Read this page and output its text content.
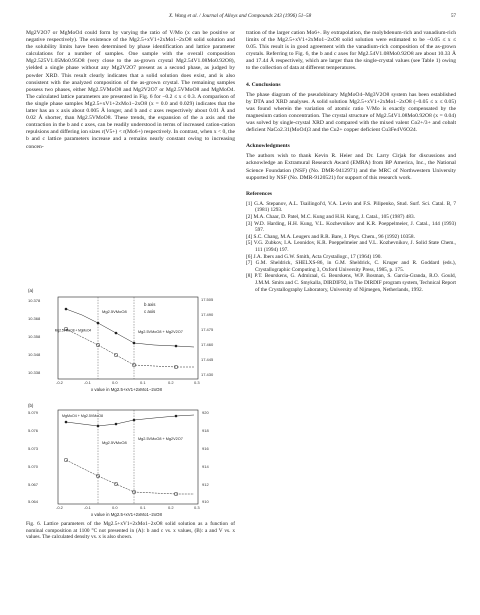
X. Wang et al. / Journal of Alloys and Compounds 243 (1996) 51–58	57

Mg2V2O7 or MgMoO4 could form by varying the ratio of V/Mo (x can be positive or negative respectively). The existence of the Mg2.5+xV1+2xMo1−2xO8 solid solution and the solubility limits have been determined by phase identification and lattice parameter calculations for a number of samples. One sample with the overall composition Mg2.525V1.05Mo0.95O8 (very close to the as-grown crystal Mg2.54V1.08Mo0.92O8), yielded a single phase without any Mg2V2O7 present as a second phase, as judged by powder XRD. This result clearly indicates that a solid solution does exist, and is also consistent with the analyzed composition of the as-grown crystal. The remaining samples possess two phases, either Mg2.5VMoO8 and Mg2V2O7 or Mg2.5VMoO8 and MgMoO4. The calculated lattice parameters are presented in Fig. 6 for −0.2 ≤ x ≤ 0.3. A comparison of the single phase samples Mg2.5+xV1+2xMo1−2xO8 (x = 0.0 and 0.029) indicates that the latter has an x axis about 0.005 Å longer, and b and c axes respectively about 0.01 Å and 0.02 Å shorter, than Mg2.5VMoO8. These trends, the expansion of the a axis and the contraction in the b and c axes, can be readily understood in terms of increased cation-cation repulsions and differing ion sizes r(V5+) < r(Mo6+) respectively. In contrast, when x < 0, the b and c lattice parameters increase and a remains nearly constant owing to increasing concen-

(a)
b axis
c axis
Mg2.5VMoO8 + MgMoO4
Mg2.5VMoO8
Mg2.5VMoO8 + Mg2V2O7
10.378
10.368
10.358
10.348
10.338
17.505
17.490
17.475
17.460
17.445
17.430
-0.2	-0.1	0.0	0.1	0.2	0.3
x value in Mg2.5+xV1+2xMo1−2xO8
(b)
MgMoO4 + Mg2.5VMoO8
Mg2.5VMoO8
Mg2.5VMoO8 + Mg2V2O7
5.079
5.076
5.073
5.070
5.067
5.064
920
918
916
914
912
910
-0.2	-0.1	0.0	0.1	0.2	0.3
x value in Mg2.5+xV1+2xMo1−2xO8
Fig. 6. Lattice parameters of the Mg2.5+xV1+2xMo1−2xO8 solid solution as a function of nominal composition at 1100 °C not presented in (A): b and c vs. x values, (B): a and V vs. x values. The calculated density vs. x is also shown.

tration of the larger cation Mo6+. By extrapolation, the molybdenum-rich and vanadium-rich limits of the Mg2.5+xV1+2xMo1−2xO8 solid solution were estimated to be −0.05 ≤ x ≤ 0.05. This result is in good agreement with the vanadium-rich composition of the as-grown crystals. Referring to Fig. 6, the b and c axes for Mg2.54V1.08Mo0.92O8 are about 10.33 Å and 17.44 Å respectively, which are larger than the single-crystal values (see Table 1) owing to the collection of data at different temperatures.

4. Conclusions

The phase diagram of the pseudobinary MgMoO4–Mg3V2O8 system has been established by DTA and XRD analyses. A solid solution Mg2.5+xV1+2xMo1−2xO8 (−0.05 ≤ x ≤ 0.05) was found wherein the variation of atomic ratio V/Mo is exactly compensated by the magnesium cation concentration. The crystal structure of Mg2.54V1.08Mo0.92O8 (x = 0.04) was solved by single-crystal XRD and compared with the mixed valent Co2+/3+ and cobalt deficient NaCo2.31(MoO4)3 and the Cu2+ copper deficient Cu3Fe4V6O24.

Acknowledgments

The authors wish to thank Kevin R. Heier and Dr. Larry Cirjak for discussions and acknowledge an Extramural Research Award (EMRA) from BP America, Inc., the National Science Foundation (NSF) (No. DMR-9412971) and the MRC of Northwestern University supported by NSF (No. DMR-9120521) for support of this research work.

References

[1] G.A. Stepanov, A.L. Tsailingol'd, V.A. Levin and F.S. Pilipenko, Stud. Surf. Sci. Catal. B, 7 (1981) 1293.

[2] M.A. Chaar, D. Patel, M.C. Kung and H.H. Kung, J. Catal., 105 (1987) 483.

[3] W.D. Harding, H.H. Kung, V.L. Kozhevnikov and K.R. Poeppelmeier, J. Catal., 144 (1993) 597.

[4] S.C. Chang, M.A. Leugers and R.R. Bare, J. Phys. Chem., 96 (1992) 10358.

[5] V.G. Zubkov, I.A. Leonidov, K.R. Poeppelmeier and V.L. Kozhevnikov, J. Solid State Chem., 111 (1994) 197.

[6] J.A. Ibers and G.W. Smith, Acta Crystallogr., 17 (1964) 190.

[7] G.M. Sheldrick, SHELXS-86, in G.M. Sheldrick, C. Kruger and R. Goddard (eds.), Crystallographic Computing 3, Oxford University Press, 1985, p. 175.

[8] P.T. Beurskens, G. Admiraal, G. Beurskens, W.P. Bosman, S. Garcia-Granda, R.O. Gould, J.M.M. Smits and C. Smykalla, DIRDIF92, in The DIRDIF program system, Technical Report of the Crystallography Laboratory, University of Nijmegen, Netherlands, 1992.
